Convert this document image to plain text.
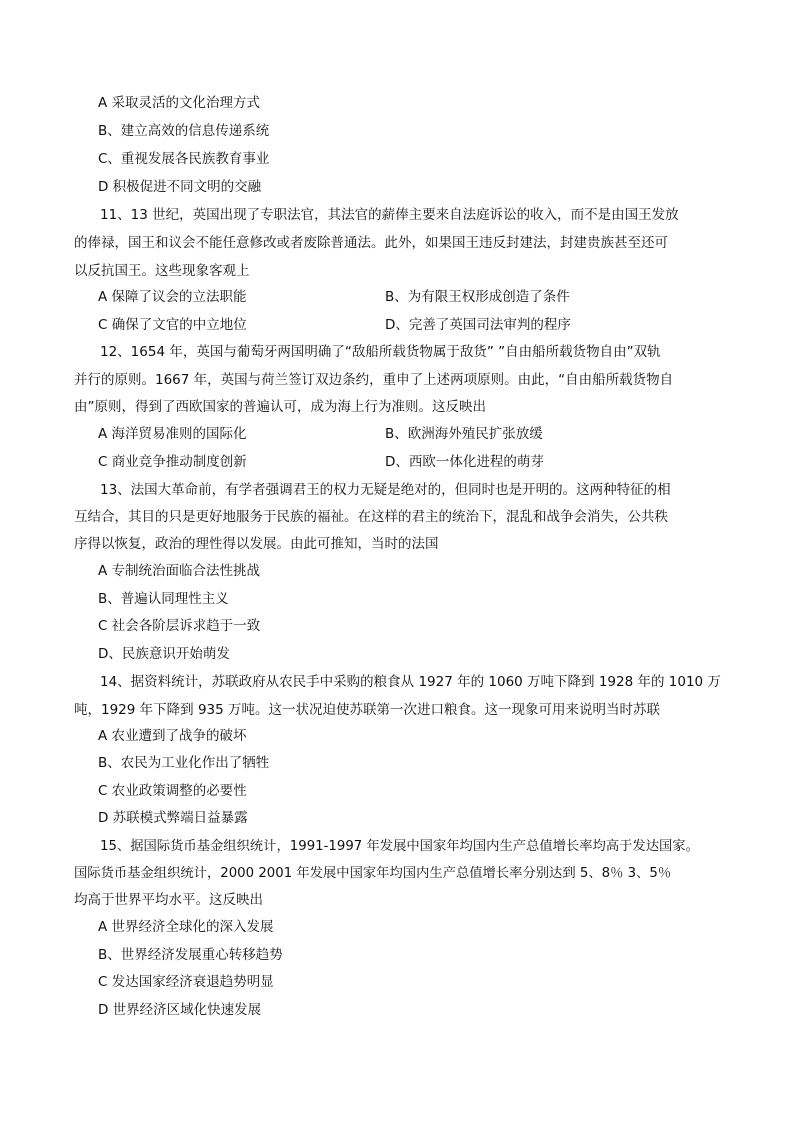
A 采取灵活的文化治理方式
B、建立高效的信息传递系统
C、重视发展各民族教育事业
D 积极促进不同文明的交融
11、13 世纪，英国出现了专职法官，其法官的薪俸主要来自法庭诉讼的收入，而不是由国王发放
的俸禄，国王和议会不能任意修改或者废除普通法。此外，如果国王违反封建法，封建贵族甚至还可
以反抗国王。这些现象客观上
A 保障了议会的立法职能	B、为有限王权形成创造了条件
C 确保了文官的中立地位	D、完善了英国司法审判的程序
12、1654 年，英国与葡萄牙两国明确了“敌船所载货物属于敌货” ”自由船所载货物自由”双轨
并行的原则。1667 年，英国与荷兰签订双边条约，重申了上述两项原则。由此，“自由船所载货物自
由”原则，得到了西欧国家的普遍认可，成为海上行为准则。这反映出
A 海洋贸易准则的国际化	B、欧洲海外殖民扩张放缓
C 商业竞争推动制度创新	D、西欧一体化进程的萌芽
13、法国大革命前，有学者强调君王的权力无疑是绝对的，但同时也是开明的。这两种特征的相
互结合，其目的只是更好地服务于民族的福祉。在这样的君主的统治下，混乱和战争会消失，公共秩
序得以恢复，政治的理性得以发展。由此可推知，当时的法国
A 专制统治面临合法性挑战
B、普遍认同理性主义
C 社会各阶层诉求趋于一致
D、民族意识开始萌发
14、据资料统计，苏联政府从农民手中采购的粮食从 1927 年的 1060 万吨下降到 1928 年的 1010 万
吨，1929 年下降到 935 万吨。这一状况迫使苏联第一次进口粮食。这一现象可用来说明当时苏联
A 农业遭到了战争的破坏
B、农民为工业化作出了牺牲
C 农业政策调整的必要性
D 苏联模式弊端日益暴露
15、据国际货币基金组织统计，1991-1997 年发展中国家年均国内生产总值增长率均高于发达国家。
国际货币基金组织统计，2000 2001 年发展中国家年均国内生产总值增长率分别达到 5、8％ 3、5％
均高于世界平均水平。这反映出
A 世界经济全球化的深入发展
B、世界经济发展重心转移趋势
C 发达国家经济衰退趋势明显
D 世界经济区域化快速发展
